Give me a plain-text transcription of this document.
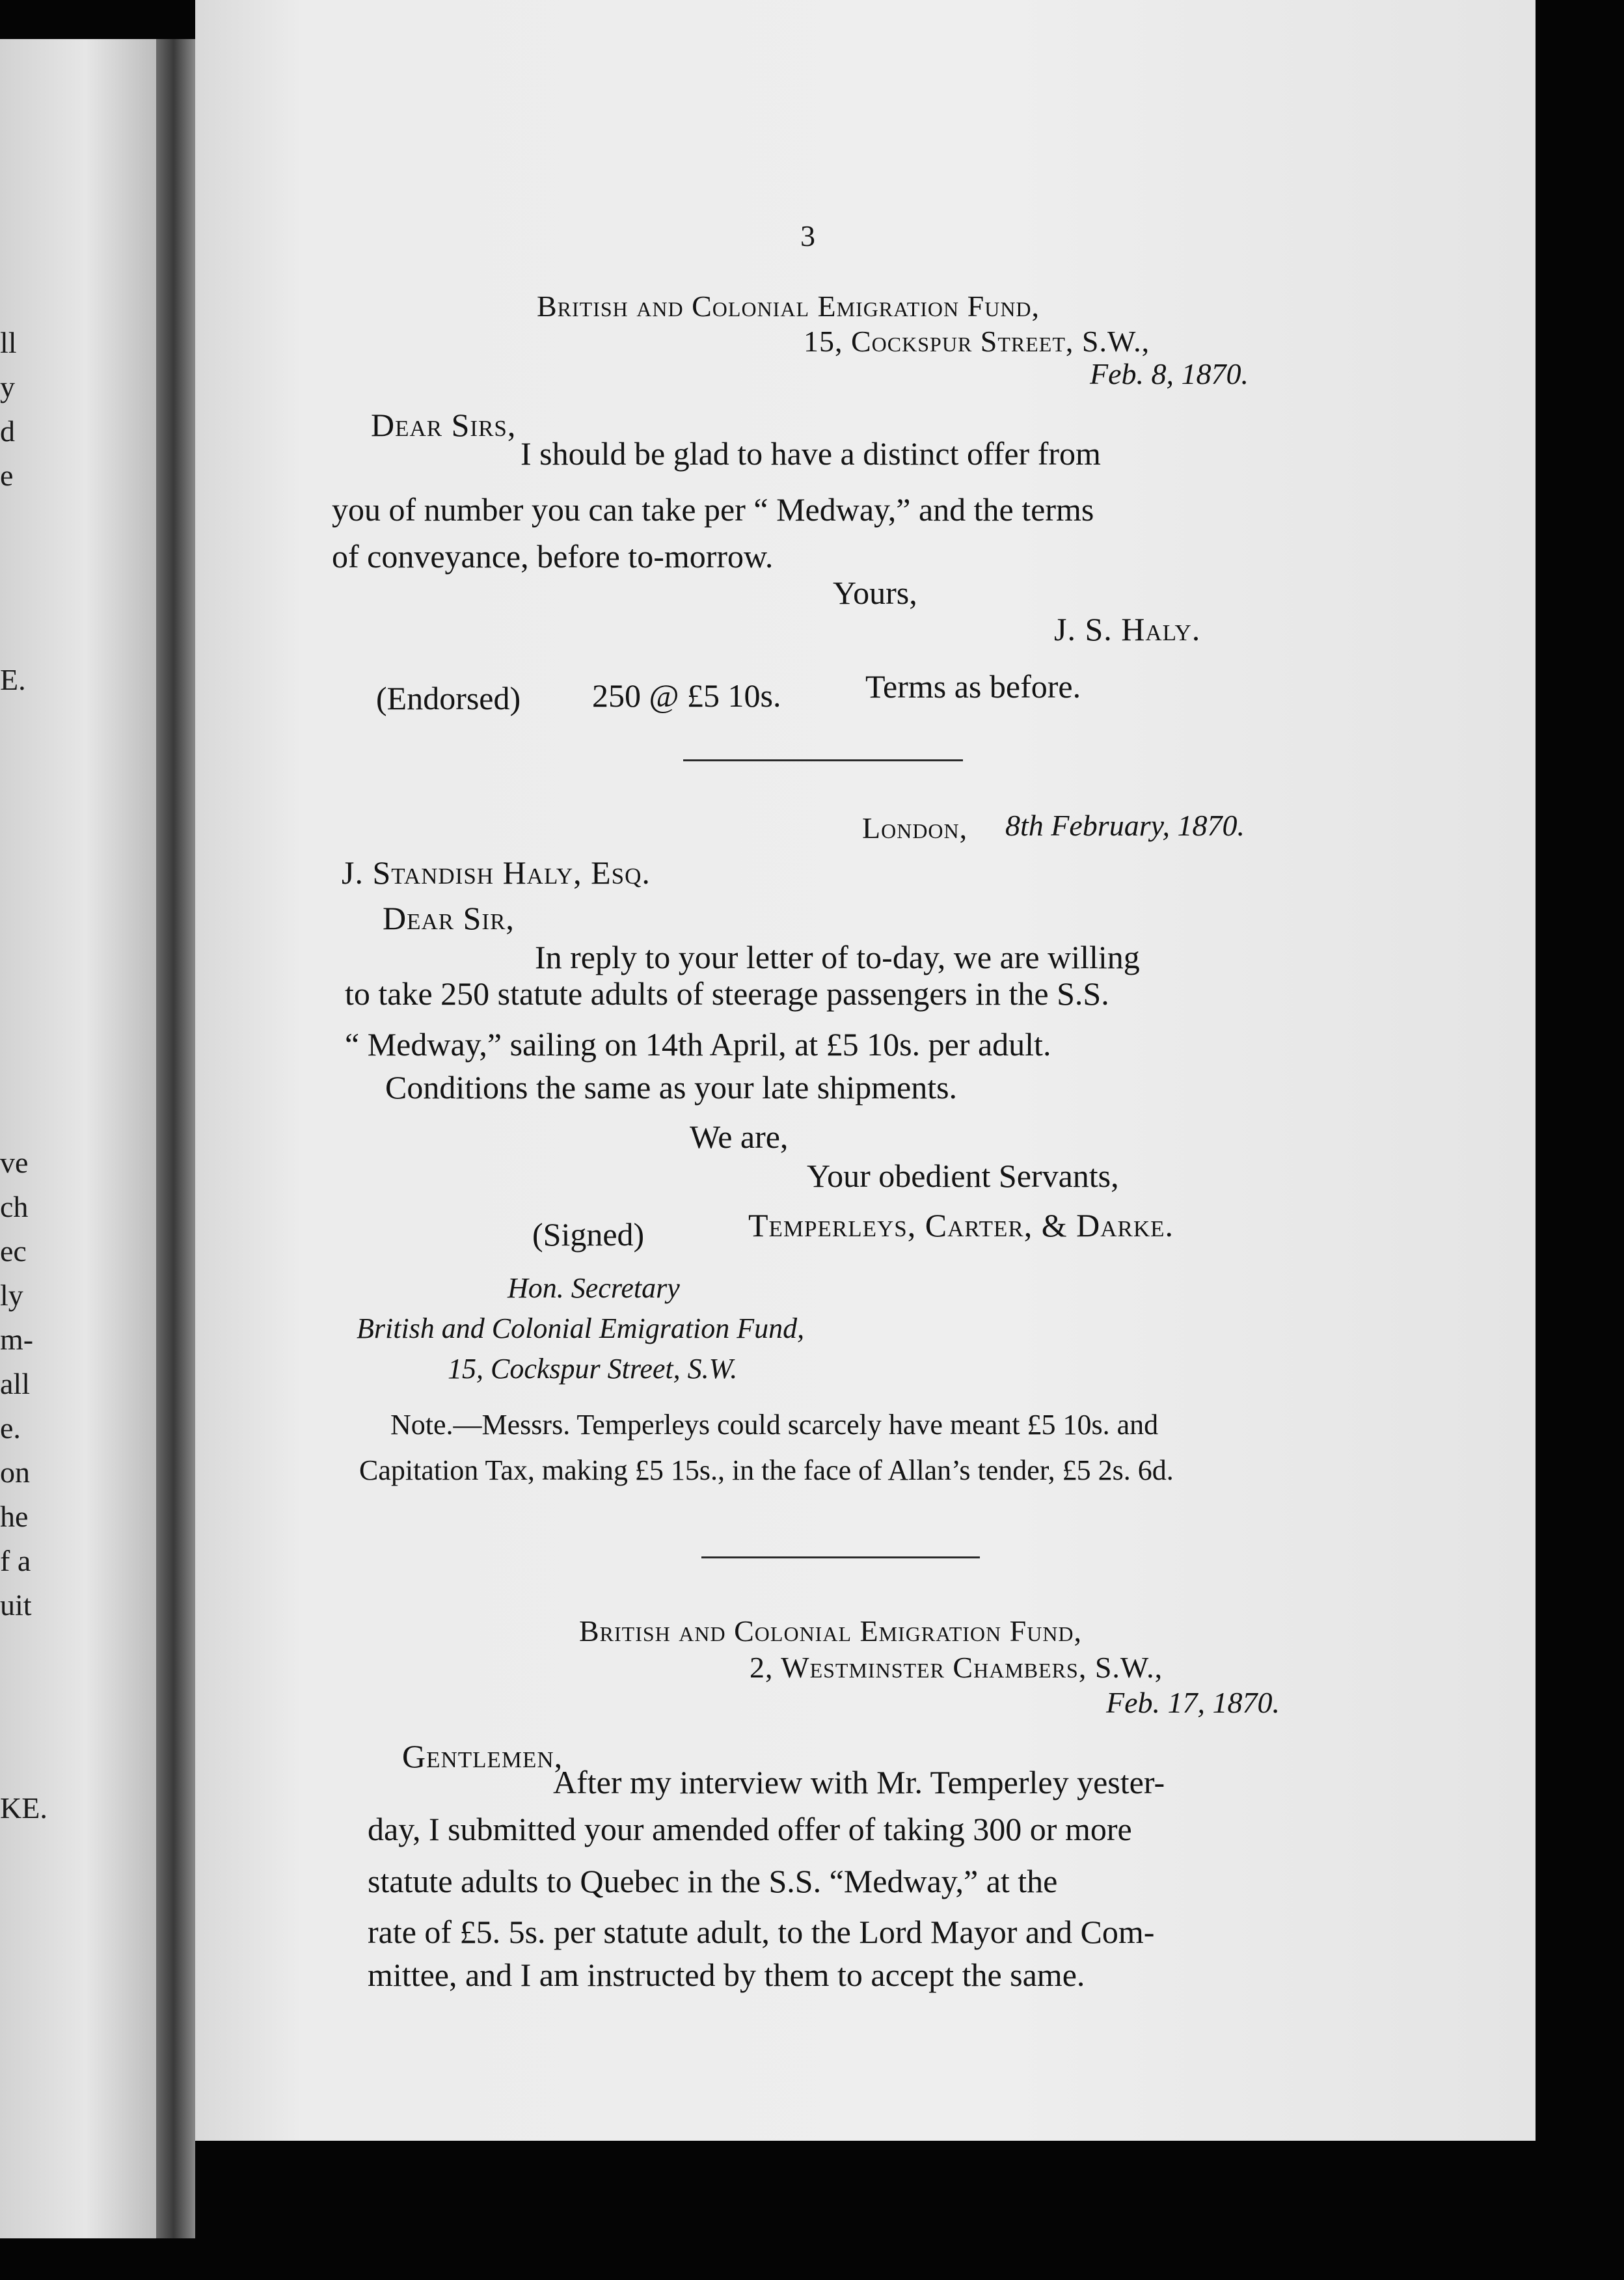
ll
y
d
e
E.
ve
ch
ec
ly
m-
all
e.
on
he
f a
uit
KE.
3
British and Colonial Emigration Fund,
15, Cockspur Street, S.W.,
Feb. 8, 1870.
Dear Sirs,
I should be glad to have a distinct offer from
you of number you can take per “ Medway,” and the terms
of conveyance, before to-morrow.
Yours,
J. S. Haly.
(Endorsed) 250 @ £5 10s.	Terms as before.
London, 8th February, 1870.
J. Standish Haly, Esq.
Dear Sir,
In reply to your letter of to-day, we are willing
to take 250 statute adults of steerage passengers in the S.S.
“ Medway,” sailing on 14th April, at £5 10s. per adult.
Conditions the same as your late shipments.
We are,
Your obedient Servants,
(Signed)	Temperleys, Carter, & Darke.
Hon. Secretary
British and Colonial Emigration Fund,
15, Cockspur Street, S.W.
Note.—Messrs. Temperleys could scarcely have meant £5 10s. and
Capitation Tax, making £5 15s., in the face of Allan’s tender, £5 2s. 6d.
British and Colonial Emigration Fund,
2, Westminster Chambers, S.W.,
Feb. 17, 1870.
Gentlemen,
After my interview with Mr. Temperley yester-
day, I submitted your amended offer of taking 300 or more
statute adults to Quebec in the S.S. “Medway,” at the
rate of £5. 5s. per statute adult, to the Lord Mayor and Com-
mittee, and I am instructed by them to accept the same.
